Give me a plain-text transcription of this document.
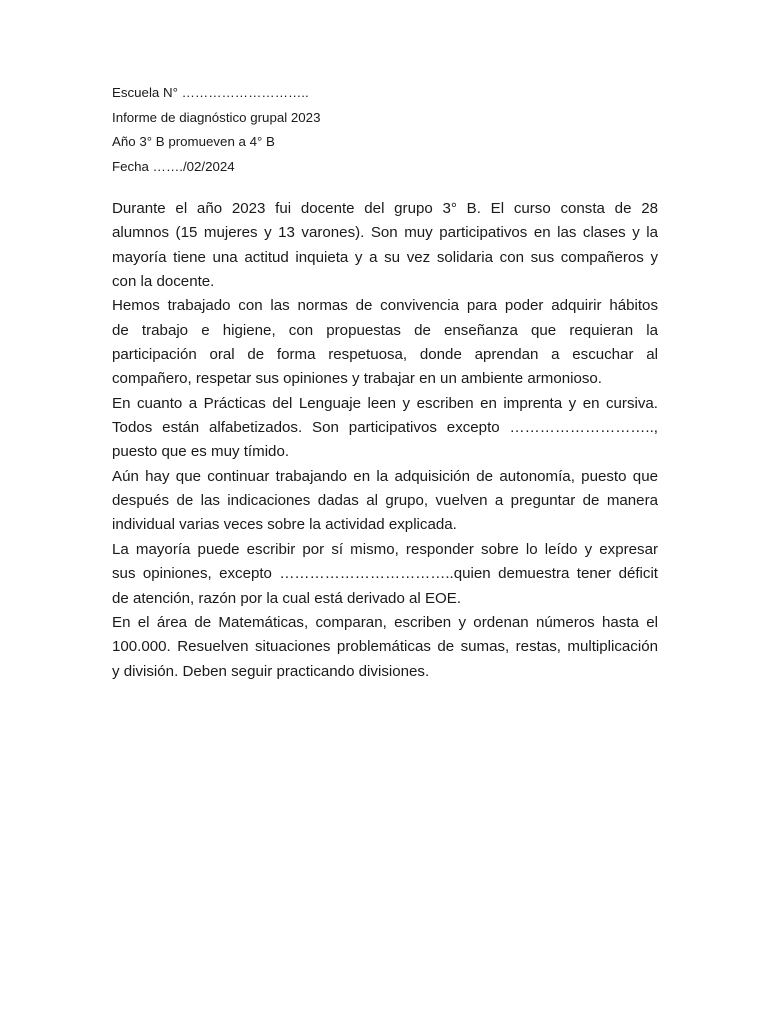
Escuela N° ………………………..
Informe de diagnóstico grupal 2023
Año 3° B promueven a 4° B
Fecha ……./02/2024
Durante el año 2023 fui docente del grupo 3° B. El curso consta de 28
alumnos (15 mujeres y 13 varones). Son muy participativos en las clases y la
mayoría tiene una actitud inquieta y a su vez solidaria con sus compañeros y
con la docente.
Hemos trabajado con las normas de convivencia para poder adquirir hábitos
de trabajo e higiene, con propuestas de enseñanza que requieran la
participación oral de forma respetuosa, donde aprendan a escuchar al
compañero, respetar sus opiniones y trabajar en un ambiente armonioso.
En cuanto a Prácticas del Lenguaje leen y escriben en imprenta y en cursiva.
Todos están alfabetizados. Son participativos excepto ………………………..,
puesto que es muy tímido.
Aún hay que continuar trabajando en la adquisición de autonomía, puesto que
después de las indicaciones dadas al grupo, vuelven a preguntar de manera
individual varias veces sobre la actividad explicada.
La mayoría puede escribir por sí mismo, responder sobre lo leído y expresar
sus opiniones, excepto ……………………………..quien demuestra tener déficit
de atención, razón por la cual está derivado al EOE.
En el área de Matemáticas, comparan, escriben y ordenan números hasta el
100.000. Resuelven situaciones problemáticas de sumas, restas, multiplicación
y división. Deben seguir practicando divisiones.
